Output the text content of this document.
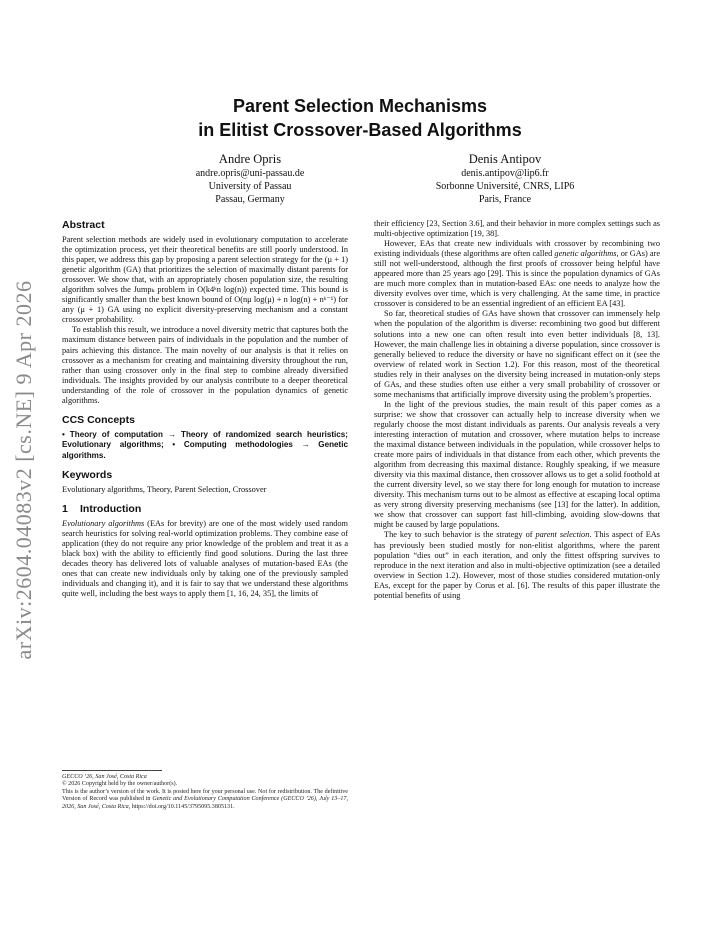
arXiv:2604.04083v2 [cs.NE] 9 Apr 2026
Parent Selection Mechanisms
in Elitist Crossover-Based Algorithms
Andre Opris
andre.opris@uni-passau.de
University of Passau
Passau, Germany
Denis Antipov
denis.antipov@lip6.fr
Sorbonne Université, CNRS, LIP6
Paris, France
Abstract

Parent selection methods are widely used in evolutionary computation to accelerate the optimization process, yet their theoretical benefits are still poorly understood. In this paper, we address this gap by proposing a parent selection strategy for the (μ + 1) genetic algorithm (GA) that prioritizes the selection of maximally distant parents for crossover. We show that, with an appropriately chosen population size, the resulting algorithm solves the Jumpₖ problem in O(k4ᵏn log(n)) expected time. This bound is significantly smaller than the best known bound of O(nμ log(μ) + n log(n) + nᵏ⁻¹) for any (μ + 1) GA using no explicit diversity-preserving mechanism and a constant crossover probability.

To establish this result, we introduce a novel diversity metric that captures both the maximum distance between pairs of individuals in the population and the number of pairs achieving this distance. The main novelty of our analysis is that it relies on crossover as a mechanism for creating and maintaining diversity throughout the run, rather than using crossover only in the final step to combine already diversified individuals. The insights provided by our analysis contribute to a deeper theoretical understanding of the role of crossover in the population dynamics of genetic algorithms.

CCS Concepts

• Theory of computation → Theory of randomized search heuristics; Evolutionary algorithms; • Computing methodologies → Genetic algorithms.

Keywords

Evolutionary algorithms, Theory, Parent Selection, Crossover

1 Introduction

Evolutionary algorithms (EAs for brevity) are one of the most widely used random search heuristics for solving real-world optimization problems. They combine ease of application (they do not require any prior knowledge of the problem and treat it as a black box) with the ability to efficiently find good solutions. During the last three decades theory has delivered lots of valuable analyses of mutation-based EAs (the ones that can create new individuals only by taking one of the previously sampled individuals and changing it), and it is fair to say that we understand these algorithms quite well, including the best ways to apply them [1, 16, 24, 35], the limits of

GECCO ’26, San José, Costa Rica
© 2026 Copyright held by the owner/author(s).
This is the author’s version of the work. It is posted here for your personal use. Not for redistribution. The definitive Version of Record was published in Genetic and Evolutionary Computation Conference (GECCO ’26), July 13–17, 2026, San José, Costa Rica, https://doi.org/10.1145/3795095.3805131.

their efficiency [23, Section 3.6], and their behavior in more complex settings such as multi-objective optimization [19, 38].

However, EAs that create new individuals with crossover by recombining two existing individuals (these algorithms are often called genetic algorithms, or GAs) are still not well-understood, although the first proofs of crossover being helpful have appeared more than 25 years ago [29]. This is since the population dynamics of GAs are much more complex than in mutation-based EAs: one needs to analyze how the diversity evolves over time, which is very challenging. At the same time, in practice crossover is considered to be an essential ingredient of an efficient EA [43].

So far, theoretical studies of GAs have shown that crossover can immensely help when the population of the algorithm is diverse: recombining two good but different solutions into a new one can often result into even better individuals [8, 13]. However, the main challenge lies in obtaining a diverse population, since crossover is generally believed to reduce the diversity or have no significant effect on it (see the overview of related work in Section 1.2). For this reason, most of the theoretical studies rely in their analyses on the diversity being increased in mutation-only steps of GAs, and these studies often use either a very small probability of crossover or some mechanisms that artificially improve diversity using the problem’s properties.

In the light of the previous studies, the main result of this paper comes as a surprise: we show that crossover can actually help to increase diversity when we regularly choose the most distant individuals as parents. Our analysis reveals a very interesting interaction of mutation and crossover, where mutation helps to increase the maximal distance between individuals in the population, while crossover helps to create more pairs of individuals in that distance from each other, which prevents the algorithm from decreasing this maximal distance. Roughly speaking, if we measure diversity via this maximal distance, then crossover allows us to get a solid foothold at the current diversity level, so we stay there for long enough for mutation to increase diversity. This mechanism turns out to be almost as effective at escaping local optima as very strong diversity preserving mechanisms (see [13] for the latter). In addition, we show that crossover can support fast hill-climbing, avoiding slow-downs that might be caused by large populations.

The key to such behavior is the strategy of parent selection. This aspect of EAs has previously been studied mostly for non-elitist algorithms, where the parent population “dies out” in each iteration, and only the fittest offspring survives to reproduce in the next iteration and also in multi-objective optimization (see a detailed overview in Section 1.2). However, most of those studies considered mutation-only EAs, except for the paper by Corus et al. [6]. The results of this paper illustrate the potential benefits of using
